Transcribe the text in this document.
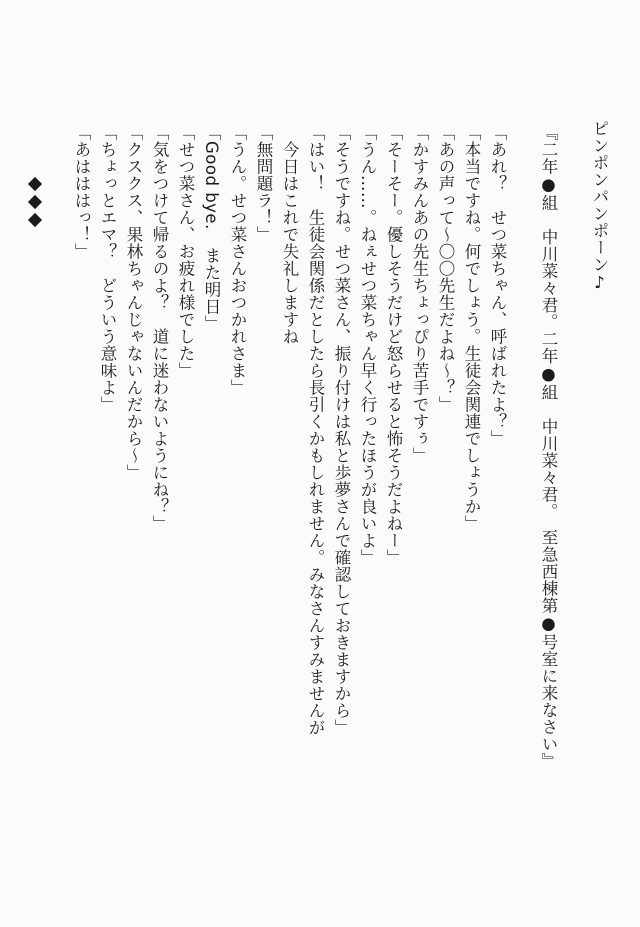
ピンポンパンポーン♪
『二年●組　中川菜々君。二年●組　中川菜々君。　至急西棟第●号室に来なさい』
「あれ？　せつ菜ちゃん、呼ばれたよ？」
「本当ですね。何でしょう。生徒会関連でしょうか」
「あの声って〜〇〇先生だよね〜？」
「かすみんあの先生ちょっぴり苦手ですぅ」
「そーそー。優しそうだけど怒らせると怖そうだよねー」
「うん……。ねぇせつ菜ちゃん早く行ったほうが良いよ」
「そうですね。せつ菜さん、振り付けは私と歩夢さんで確認しておきますから」
「はい！　生徒会関係だとしたら長引くかもしれません。みなさんすみませんが
　今日はこれで失礼しますね
「無問題ラ！」
「うん。せつ菜さんおつかれさま」
「Good bye.　また明日」
「せつ菜さん、お疲れ様でした」
「気をつけて帰るのよ？　道に迷わないようにね？」
「クスクス、果林ちゃんじゃないんだから〜」
「ちょっとエマ？　どういう意味よ」
「あはははっ！」
